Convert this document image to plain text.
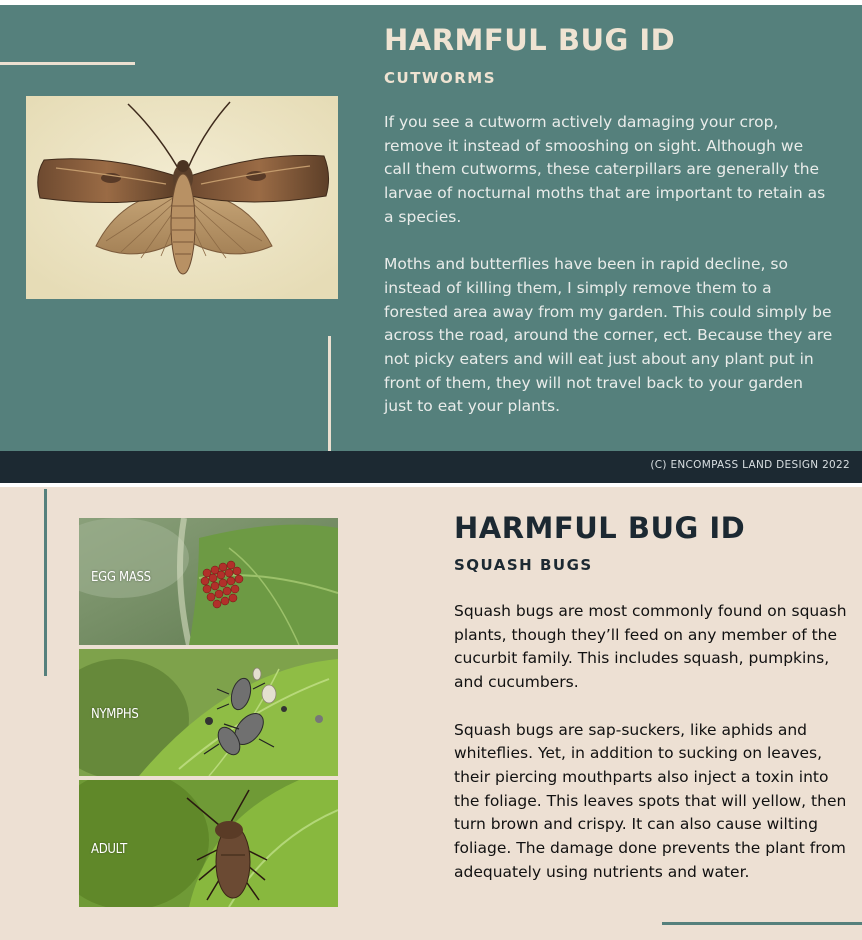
HARMFUL BUG ID
CUTWORMS

If you see a cutworm actively damaging your crop, remove it instead of smooshing on sight. Although we call them cutworms, these caterpillars are generally the larvae of nocturnal moths that are important to retain as a species.

Moths and butterflies have been in rapid decline, so instead of killing them, I simply remove them to a forested area away from my garden. This could simply be across the road, around the corner, ect. Because they are not picky eaters and will eat just about any plant put in front of them, they will not travel back to your garden just to eat your plants.

(C) ENCOMPASS LAND DESIGN 2022
EGG MASS
NYMPHS
ADULT
HARMFUL BUG ID
SQUASH BUGS

Squash bugs are most commonly found on squash plants, though they’ll feed on any member of the cucurbit family. This includes squash, pumpkins, and cucumbers.

Squash bugs are sap-suckers, like aphids and whiteflies. Yet, in addition to sucking on leaves, their piercing mouthparts also inject a toxin into the foliage. This leaves spots that will yellow, then turn brown and crispy. It can also cause wilting foliage. The damage done prevents the plant from adequately using nutrients and water.
